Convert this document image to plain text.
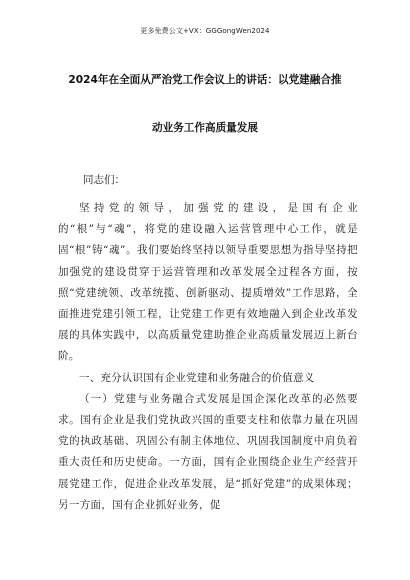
更多免费公文+VX：GGGongWen2024
2024年在全面从严治党工作会议上的讲话：以党建融合推
动业务工作高质量发展
同志们：

坚持党的领导，加强党的建设，是国有企业的“根”与“魂”，将党的建设融入运营管理中心工作，就是固“根”铸“魂”。我们要始终坚持以领导重要思想为指导坚持把加强党的建设贯穿于运营管理和改革发展全过程各方面，按照“党建统领、改革统揽、创新驱动、提质增效”工作思路，全面推进党建引领工程，让党建工作更有效地融入到企业改革发展的具体实践中，以高质量党建助推企业高质量发展迈上新台阶。

一、充分认识国有企业党建和业务融合的价值意义

（一）党建与业务融合式发展是国企深化改革的必然要求。国有企业是我们党执政兴国的重要支柱和依靠力量在巩固党的执政基础、巩固公有制主体地位、巩固我国制度中肩负着重大责任和历史使命。一方面，国有企业围绕企业生产经营开展党建工作，促进企业改革发展，是“抓好党建”的成果体现；另一方面，国有企业抓好业务，促
